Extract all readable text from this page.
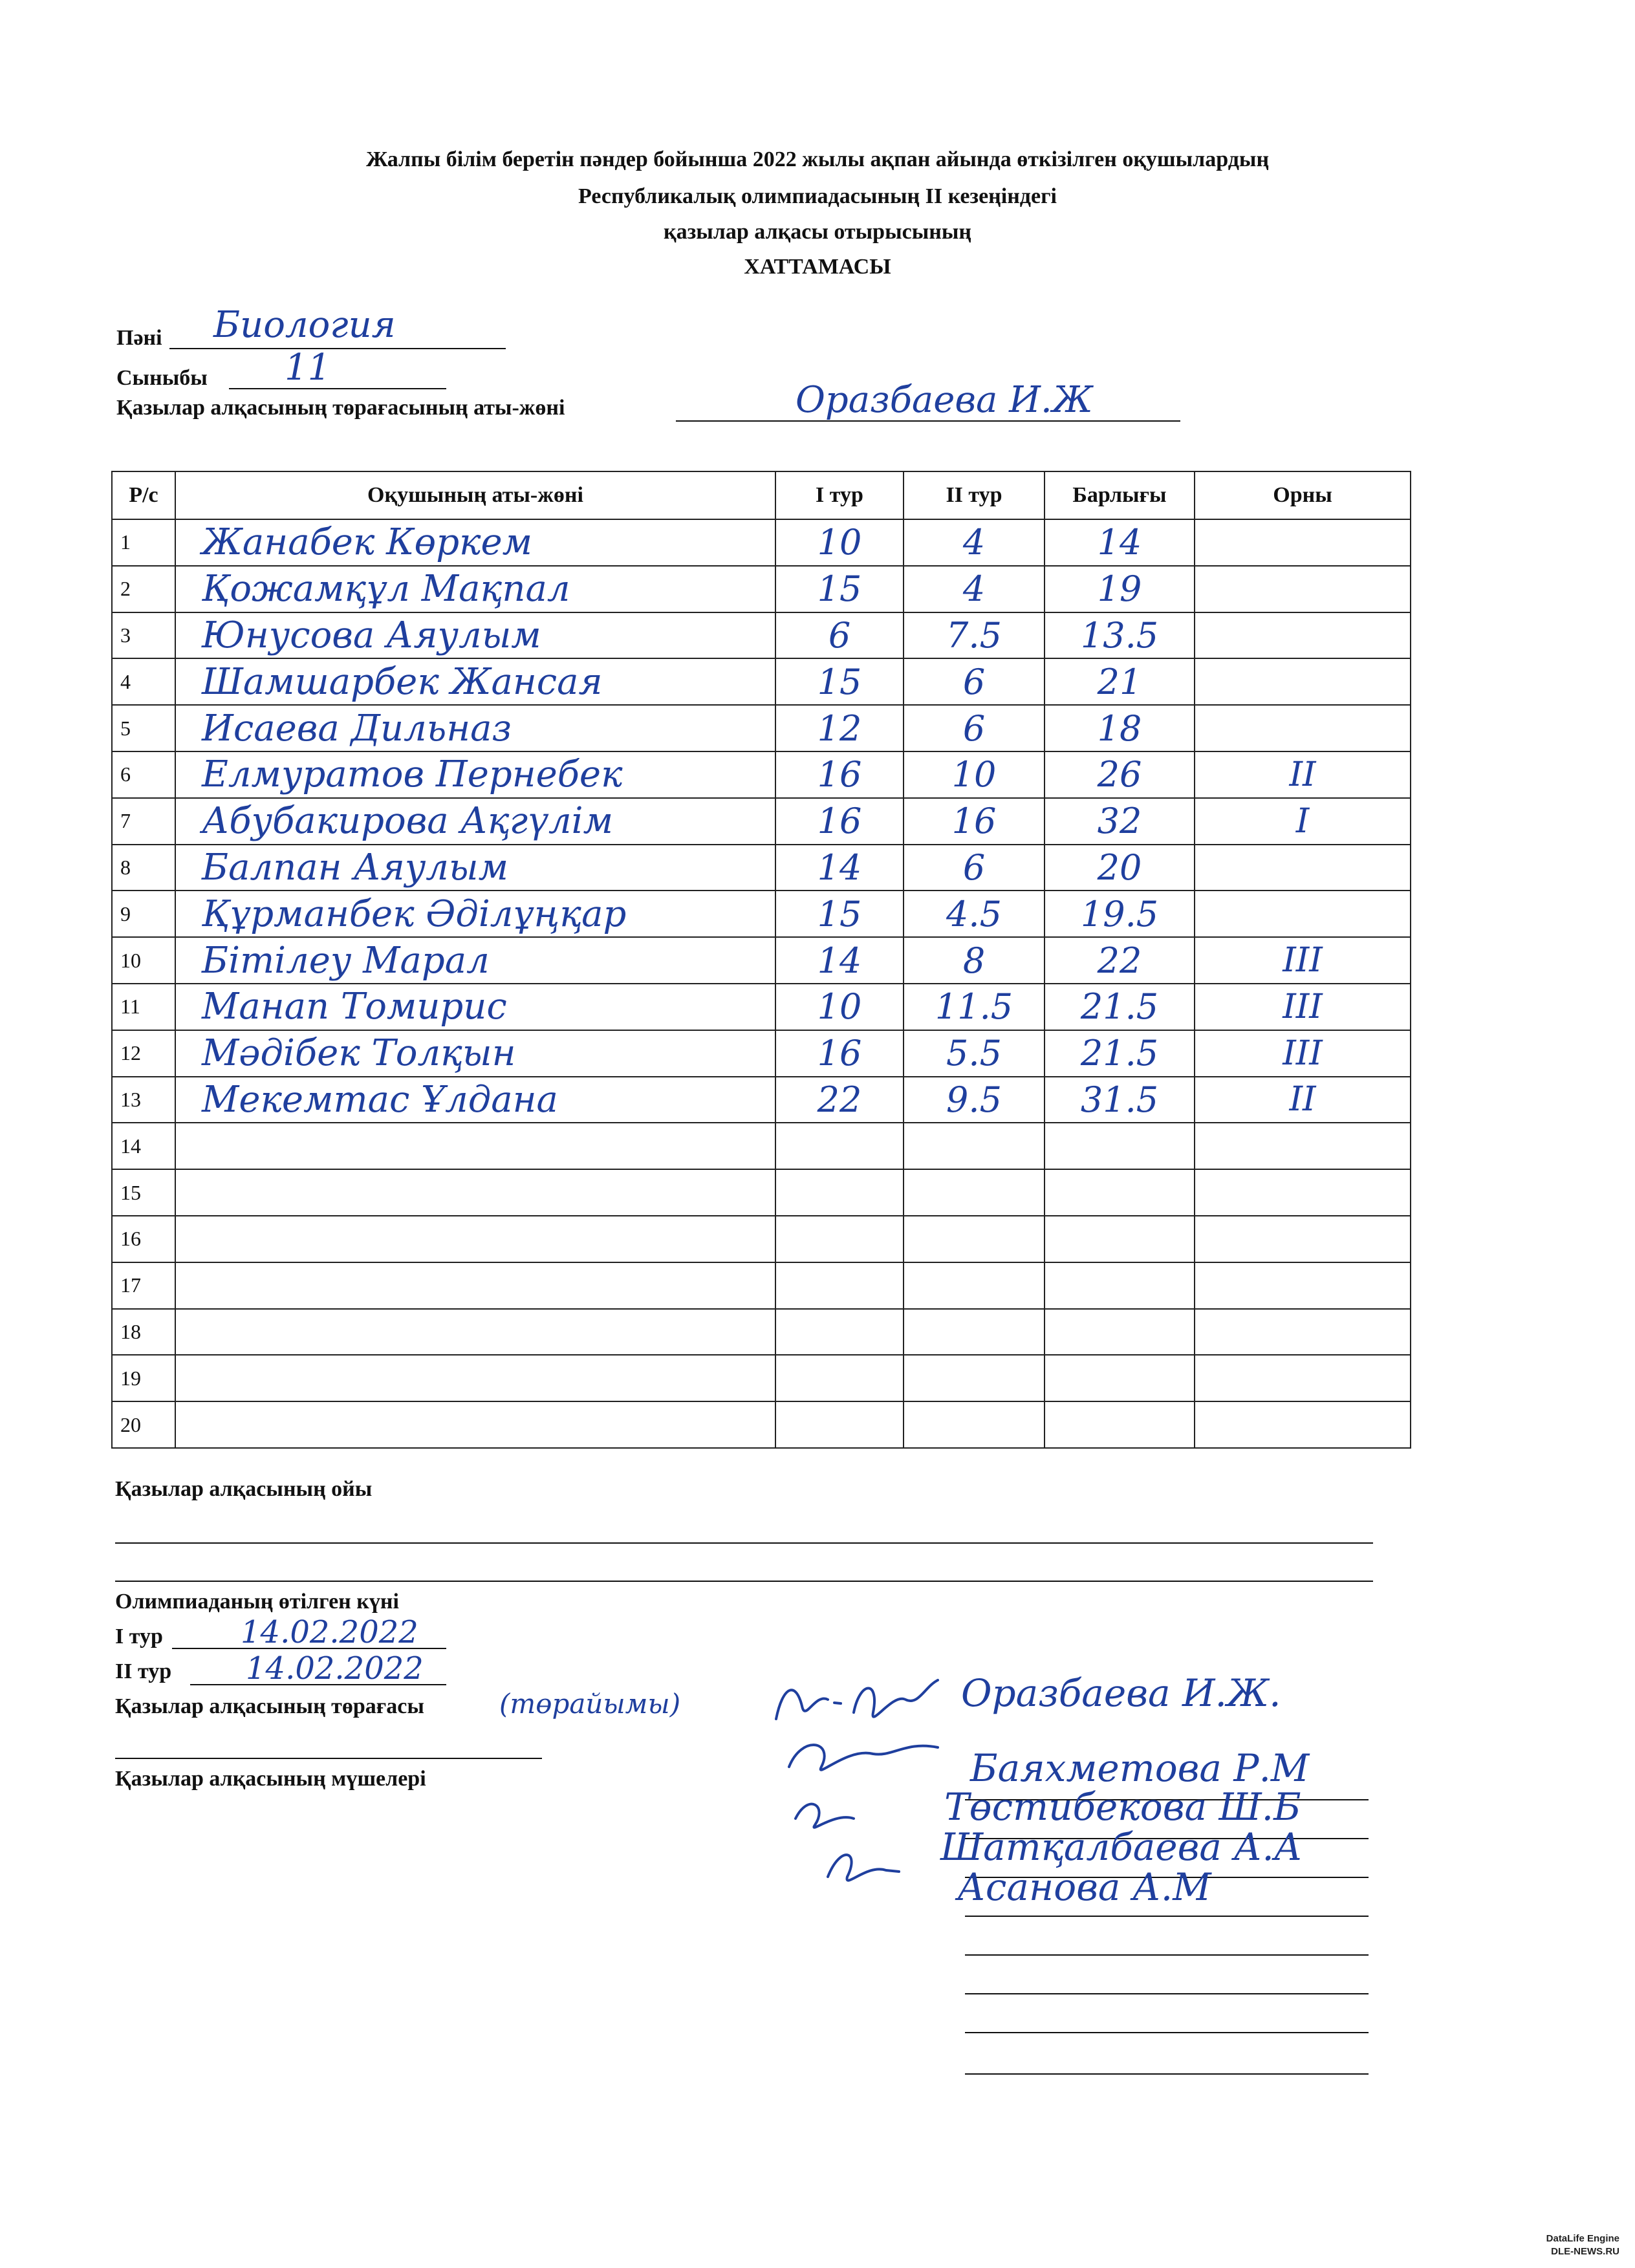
Жалпы білім беретін пәндер бойынша 2022 жылы ақпан айында өткізілген оқушылардың
Республикалық олимпиадасының ІІ кезеңіндегі
қазылар алқасы отырысының
ХАТТАМАСЫ
Пәні Биология
Сыныбы 11
Қазылар алқасының төрағасының аты-жөні	Оразбаева И.Ж
Р/с	Оқушының аты-жөні	І тур	ІІ тур	Барлығы	Орны
1	Жанабек Көркем	10	4	14	
2	Қожамқұл Мақпал	15	4	19	
3	Юнусова Аяулым	6	7.5	13.5	
4	Шамшарбек Жансая	15	6	21	
5	Исаева Дильназ	12	6	18	
6	Елмуратов Пернебек	16	10	26	II
7	Абубакирова Ақгүлім	16	16	32	I
8	Балпан Аяулым	14	6	20	
9	Құрманбек Әділұңқар	15	4.5	19.5	
10	Бітілеу Марал	14	8	22	III
11	Манап Томирис	10	11.5	21.5	III
12	Мәдібек Толқын	16	5.5	21.5	III
13	Мекемтас Ұлдана	22	9.5	31.5	II
14					
15					
16					
17					
18					
19					
20					
Қазылар алқасының ойы
Олимпиаданың өтілген күні
І тур	14.02.2022
ІІ тур 14.02.2022
Қазылар алқасының төрағасы	(төрайымы)	Оразбаева И.Ж.
Қазылар алқасының мүшелері	Баяхметова Р.М
Төстибекова Ш.Б
Шатқалбаева А.А
Асанова А.М
DataLife Engine
DLE-NEWS.RU
